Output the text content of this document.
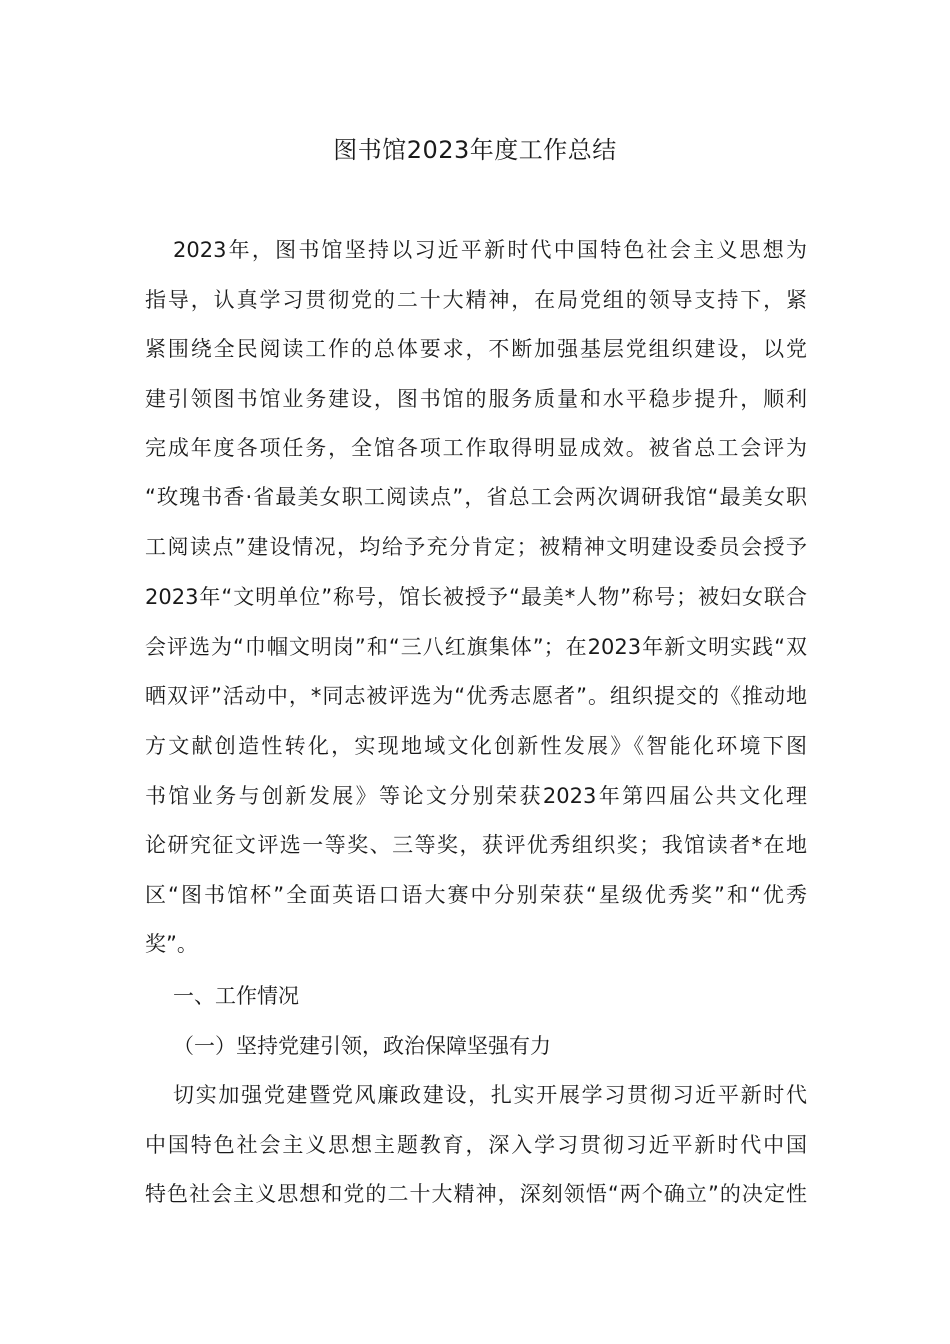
图书馆2023年度工作总结
2023年，图书馆坚持以习近平新时代中国特色社会主义思想为
指导，认真学习贯彻党的二十大精神，在局党组的领导支持下，紧
紧围绕全民阅读工作的总体要求，不断加强基层党组织建设，以党
建引领图书馆业务建设，图书馆的服务质量和水平稳步提升，顺利
完成年度各项任务，全馆各项工作取得明显成效。被省总工会评为
“玫瑰书香·省最美女职工阅读点”，省总工会两次调研我馆“最美女职
工阅读点”建设情况，均给予充分肯定；被精神文明建设委员会授予
2023年“文明单位”称号，馆长被授予“最美*人物”称号；被妇女联合
会评选为“巾帼文明岗”和“三八红旗集体”；在2023年新文明实践“双
晒双评”活动中，*同志被评选为“优秀志愿者”。组织提交的《推动地
方文献创造性转化，实现地域文化创新性发展》《智能化环境下图
书馆业务与创新发展》等论文分别荣获2023年第四届公共文化理
论研究征文评选一等奖、三等奖，获评优秀组织奖；我馆读者*在地
区“图书馆杯”全面英语口语大赛中分别荣获“星级优秀奖”和“优秀
奖”。
一、工作情况
（一）坚持党建引领，政治保障坚强有力
切实加强党建暨党风廉政建设，扎实开展学习贯彻习近平新时代
中国特色社会主义思想主题教育，深入学习贯彻习近平新时代中国
特色社会主义思想和党的二十大精神，深刻领悟“两个确立”的决定性
